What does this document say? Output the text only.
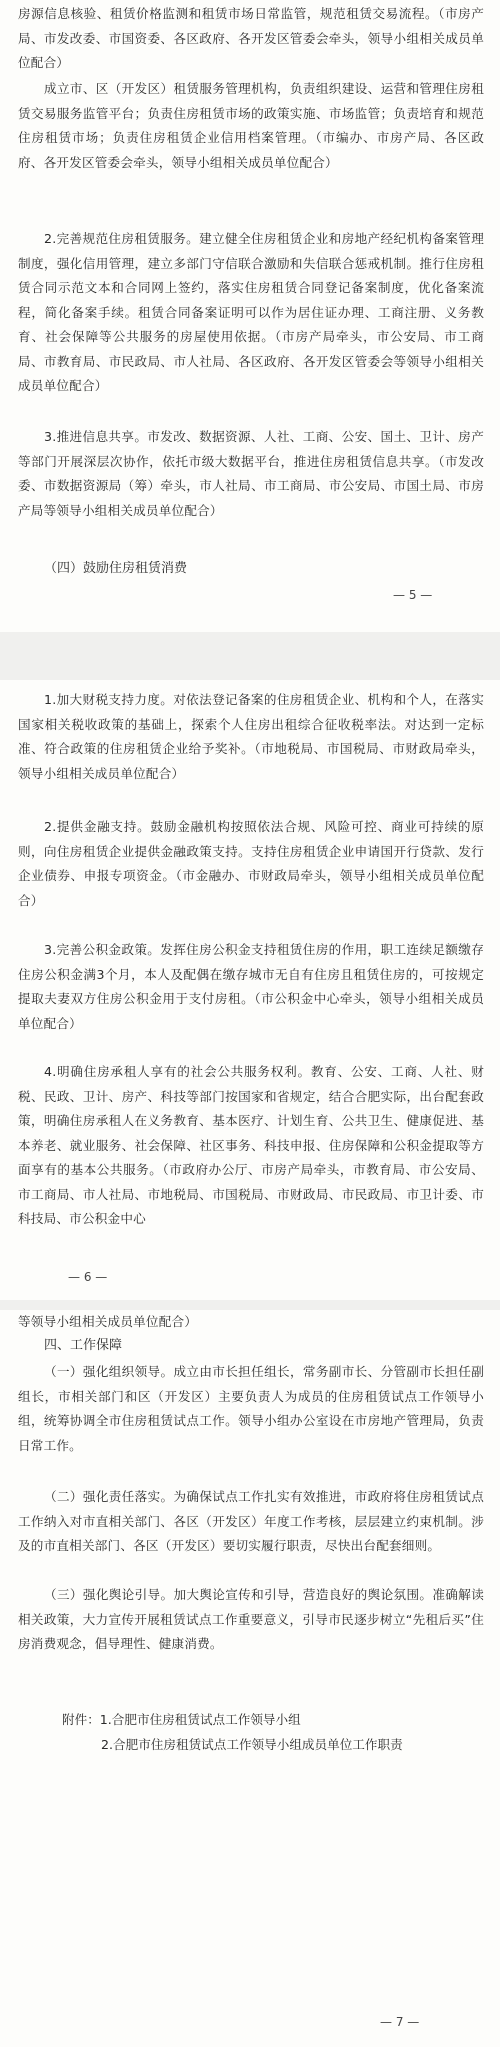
房源信息核验、租赁价格监测和租赁市场日常监管，规范租赁交易流程。（市房产局、市发改委、市国资委、各区政府、各开发区管委会牵头，领导小组相关成员单位配合）

成立市、区（开发区）租赁服务管理机构，负责组织建设、运营和管理住房租赁交易服务监管平台；负责住房租赁市场的政策实施、市场监管；负责培育和规范住房租赁市场；负责住房租赁企业信用档案管理。（市编办、市房产局、各区政府、各开发区管委会牵头，领导小组相关成员单位配合）

2.完善规范住房租赁服务。建立健全住房租赁企业和房地产经纪机构备案管理制度，强化信用管理，建立多部门守信联合激励和失信联合惩戒机制。推行住房租赁合同示范文本和合同网上签约，落实住房租赁合同登记备案制度，优化备案流程，简化备案手续。租赁合同备案证明可以作为居住证办理、工商注册、义务教育、社会保障等公共服务的房屋使用依据。（市房产局牵头，市公安局、市工商局、市教育局、市民政局、市人社局、各区政府、各开发区管委会等领导小组相关成员单位配合）

3.推进信息共享。市发改、数据资源、人社、工商、公安、国土、卫计、房产等部门开展深层次协作，依托市级大数据平台，推进住房租赁信息共享。（市发改委、市数据资源局（筹）牵头，市人社局、市工商局、市公安局、市国土局、市房产局等领导小组相关成员单位配合）

（四）鼓励住房租赁消费

— 5 —

1.加大财税支持力度。对依法登记备案的住房租赁企业、机构和个人，在落实国家相关税收政策的基础上，探索个人住房出租综合征收税率法。对达到一定标准、符合政策的住房租赁企业给予奖补。（市地税局、市国税局、市财政局牵头，领导小组相关成员单位配合）

2.提供金融支持。鼓励金融机构按照依法合规、风险可控、商业可持续的原则，向住房租赁企业提供金融政策支持。支持住房租赁企业申请国开行贷款、发行企业债券、申报专项资金。（市金融办、市财政局牵头，领导小组相关成员单位配合）

3.完善公积金政策。发挥住房公积金支持租赁住房的作用，职工连续足额缴存住房公积金满3个月，本人及配偶在缴存城市无自有住房且租赁住房的，可按规定提取夫妻双方住房公积金用于支付房租。（市公积金中心牵头，领导小组相关成员单位配合）

4.明确住房承租人享有的社会公共服务权利。教育、公安、工商、人社、财税、民政、卫计、房产、科技等部门按国家和省规定，结合合肥实际，出台配套政策，明确住房承租人在义务教育、基本医疗、计划生育、公共卫生、健康促进、基本养老、就业服务、社会保障、社区事务、科技申报、住房保障和公积金提取等方面享有的基本公共服务。（市政府办公厅、市房产局牵头，市教育局、市公安局、市工商局、市人社局、市地税局、市国税局、市财政局、市民政局、市卫计委、市科技局、市公积金中心

— 6 —

等领导小组相关成员单位配合）

四、工作保障

（一）强化组织领导。成立由市长担任组长，常务副市长、分管副市长担任副组长，市相关部门和区（开发区）主要负责人为成员的住房租赁试点工作领导小组，统筹协调全市住房租赁试点工作。领导小组办公室设在市房地产管理局，负责日常工作。

（二）强化责任落实。为确保试点工作扎实有效推进，市政府将住房租赁试点工作纳入对市直相关部门、各区（开发区）年度工作考核，层层建立约束机制。涉及的市直相关部门、各区（开发区）要切实履行职责，尽快出台配套细则。

（三）强化舆论引导。加大舆论宣传和引导，营造良好的舆论氛围。准确解读相关政策，大力宣传开展租赁试点工作重要意义，引导市民逐步树立“先租后买”住房消费观念，倡导理性、健康消费。

附件：1.合肥市住房租赁试点工作领导小组
2.合肥市住房租赁试点工作领导小组成员单位工作职责
— 7 —
